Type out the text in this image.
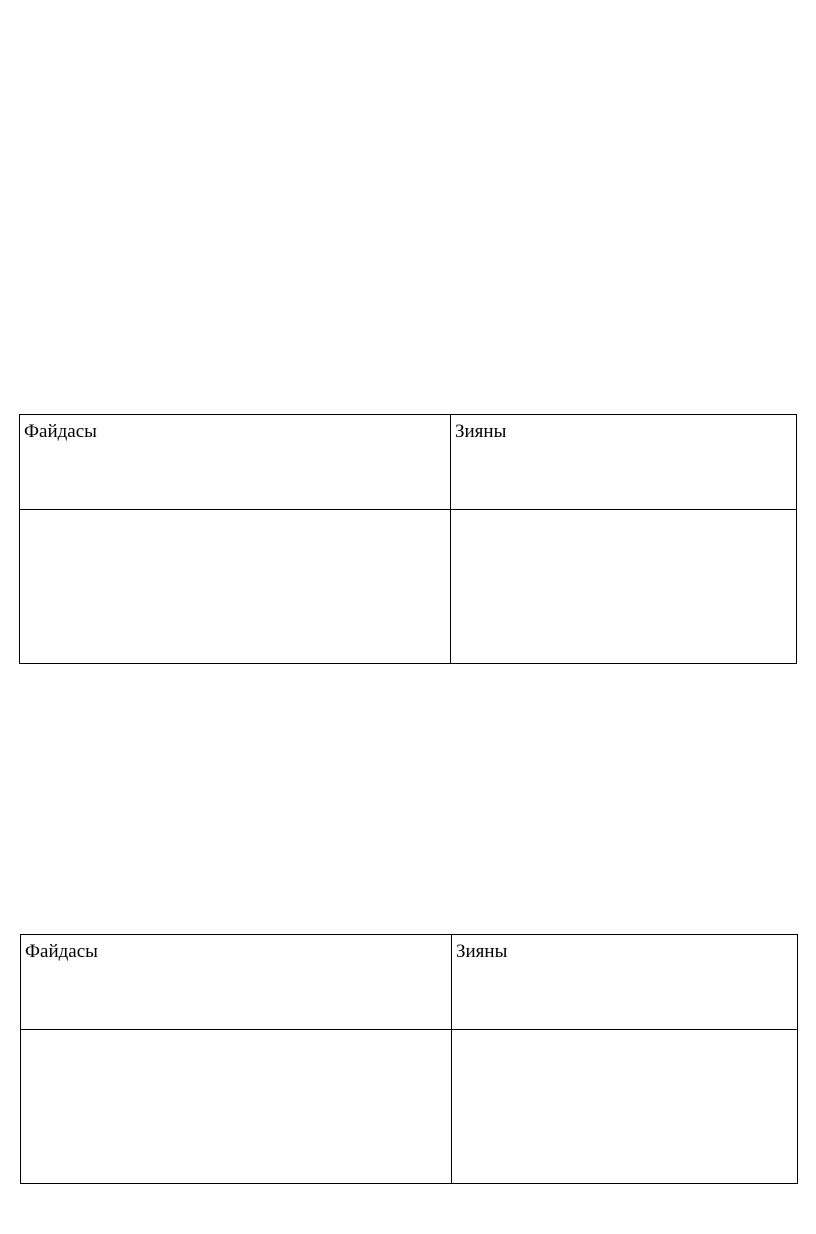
Файдасы	Зияны

Файдасы	Зияны
